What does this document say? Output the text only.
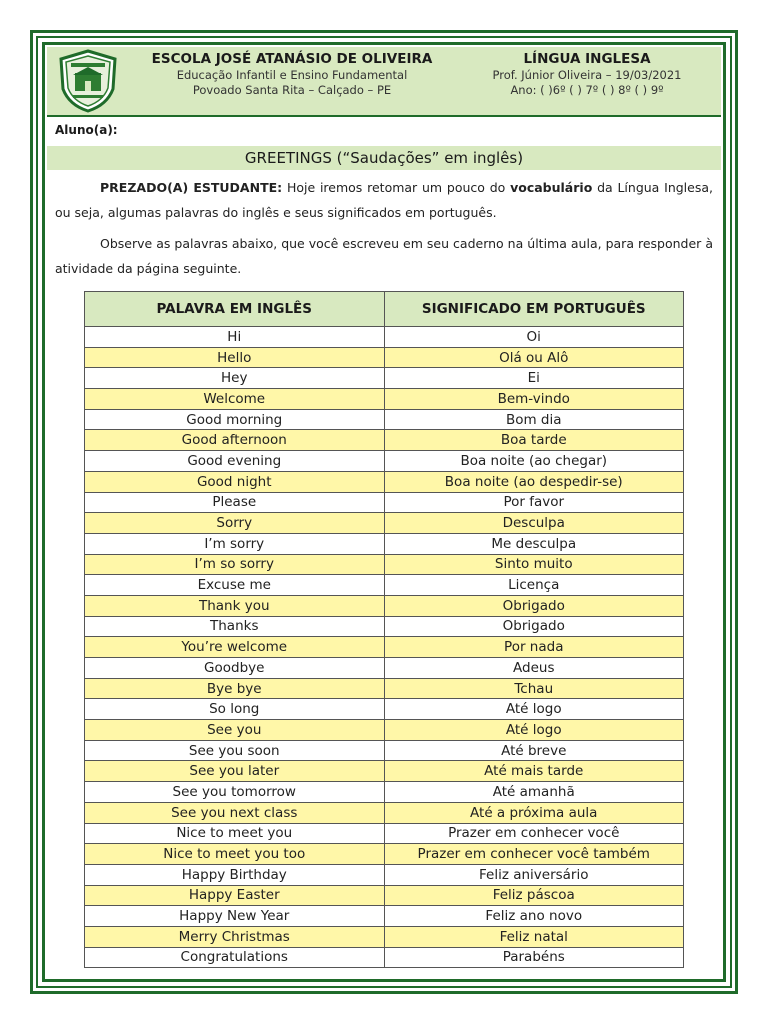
ESCOLA JOSÉ ATANÁSIO DE OLIVEIRA
Educação Infantil e Ensino Fundamental
Povoado Santa Rita – Calçado – PE
LÍNGUA INGLESA
Prof. Júnior Oliveira – 19/03/2021
Ano: ( )6º ( ) 7º ( ) 8º ( ) 9º
Aluno(a):
GREETINGS (“Saudações” em inglês)
PREZADO(A) ESTUDANTE: Hoje iremos retomar um pouco do vocabulário da Língua Inglesa, ou seja, algumas palavras do inglês e seus significados em português.
Observe as palavras abaixo, que você escreveu em seu caderno na última aula, para responder à atividade da página seguinte.
PALAVRA EM INGLÊS	SIGNIFICADO EM PORTUGUÊS
Hi	Oi
Hello	Olá ou Alô
Hey	Ei
Welcome	Bem-vindo
Good morning	Bom dia
Good afternoon	Boa tarde
Good evening	Boa noite (ao chegar)
Good night	Boa noite (ao despedir-se)
Please	Por favor
Sorry	Desculpa
I’m sorry	Me desculpa
I’m so sorry	Sinto muito
Excuse me	Licença
Thank you	Obrigado
Thanks	Obrigado
You’re welcome	Por nada
Goodbye	Adeus
Bye bye	Tchau
So long	Até logo
See you	Até logo
See you soon	Até breve
See you later	Até mais tarde
See you tomorrow	Até amanhã
See you next class	Até a próxima aula
Nice to meet you	Prazer em conhecer você
Nice to meet you too	Prazer em conhecer você também
Happy Birthday	Feliz aniversário
Happy Easter	Feliz páscoa
Happy New Year	Feliz ano novo
Merry Christmas	Feliz natal
Congratulations	Parabéns
